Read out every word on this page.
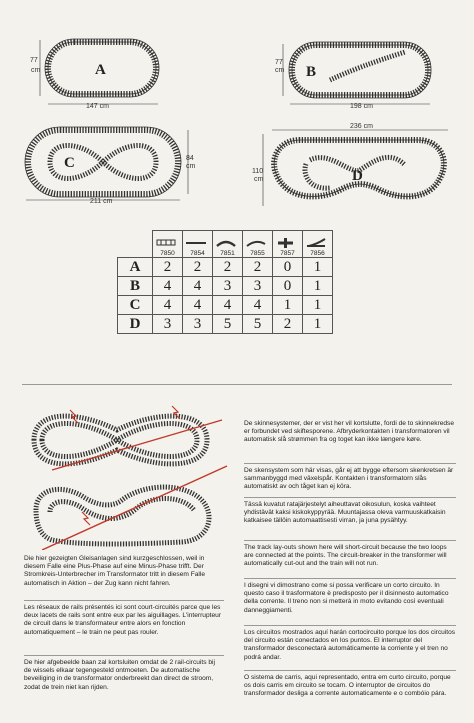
A
77
cm
147 cm
B
77
cm
198 cm
C	84
cm
211 cm
D
110
cm
236 cm

7850	7854	7851	7855	7857	7856
A	2	2	2	2	0	1
B	4	4	3	3	0	1
C	4	4	4	4	1	1
D	3	3	5	5	2	1
Die hier gezeigten Gleisanlagen sind kurzgeschlossen, weil in diesem Falle eine Plus-Phase auf eine Minus-Phase trifft. Der Stromkreis-Unterbrecher im Transformator tritt in diesem Falle automatisch in Aktion – der Zug kann nicht fahren.
Les réseaux de rails présentés ici sont court-circuités parce que les deux lacets de rails sont entre eux par les aiguillages. L'interrupteur de circuit dans le transformateur entre alors en fonction automatiquement – le train ne peut pas rouler.
De hier afgebeelde baan zal kortsluiten omdat de 2 rail-circuits bij de wissels elkaar tegengesteld ontmoeten. De automatische beveiliging in de transformator onderbreekt dan direct de stroom, zodat de trein niet kan rijden.
De skinnesystemer, der er vist her vil kortslutte, fordi de to skinnekredse er forbundet ved skiftesporene. Afbryderkontakten i transformatoren vil automatisk slå strømmen fra og toget kan ikke længere køre.
De skensystem som här visas, går ej att bygge eftersom skenkretsen är sammanbyggd med växelspår. Kontakten i transformatorn slås automatiskt av och tåget kan ej köra.
Tässä kuvatut ratajärjestelyt aiheuttavat oikosulun, koska vaihteet yhdistävät kaksi kiskokyppyrää. Muuntajassa oleva varmuuskatkaisin katkaisee tällöin automaattisesti virran, ja juna pysähtyy.
The track lay-outs shown here will short-circuit because the two loops are connected at the points. The circuit-breaker in the transformer will automatically cut-out and the train will not run.
I disegni vi dimostrano come si possa verificare un corto circuito. In questo caso il trasformatore è predisposto per il disinnesto automatico della corrente. Il treno non si metterà in moto evitando così eventuali danneggiamenti.
Los circuitos mostrados aquí harán cortocircuito porque los dos circuitos del circuito están conectados en los puntos. El interruptor del transformador desconectará automáticamente la corriente y el tren no podrá andar.
O sistema de carris, aqui representado, entra em curto circuito, porque os dois carris em circuito se tocam. O interruptor de circuitos do transformador desliga a corrente automaticamente e o combóio pára.
